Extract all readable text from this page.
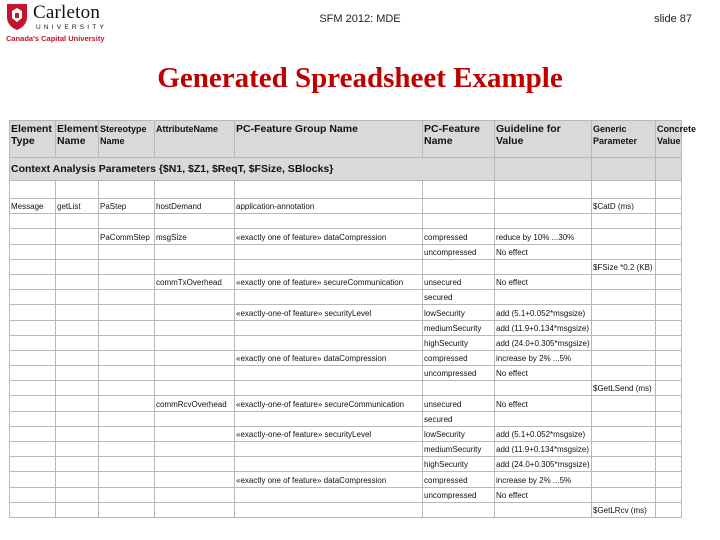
Carleton
UNIVERSITY
Canada's Capital University
SFM 2012: MDE	slide 87
Generated Spreadsheet Example
Element Type	Element Name	Stereotype Name	AttributeName	PC-Feature Group Name	PC-Feature Name	Guideline for Value	Generic Parameter	Concrete Value
Context Analysis Parameters {$N1, $Z1, $ReqT, $FSize, SBlocks}								

Message	getList	PaStep	hostDemand	application-annotation			$CatD (ms)	

		PaCommStep	msgSize	«exactly one of feature» dataCompression	compressed	reduce by 10% ...30%		
					uncompressed	No effect		
							$FSize *0.2 (KB)	
			commTxOverhead	«exactly one of feature» secureCommunication	unsecured	No effect		
					secured			
				«exactly-one-of feature» securityLevel	lowSecurity	add (5.1+0.052*msgsize)		
					mediumSecurity	add (11.9+0.134*msgsize)		
					highSecurity	add (24.0+0.305*msgsize)		
				«exactly one of feature» dataCompression	compressed	increase by 2% ...5%		
					uncompressed	No effect		
							$GetLSend (ms)	
			commRcvOverhead	«exactly-one-of feature» secureCommunication	unsecured	No effect		
					secured			
				«exactly-one-of feature» securityLevel	lowSecurity	add (5.1+0.052*msgsize)		
					mediumSecurity	add (11.9+0.134*msgsize)		
					highSecurity	add (24.0+0.305*msgsize)		
				«exactly one of feature» dataCompression	compressed	increase by 2% ...5%		
					uncompressed	No effect		
							$GetLRcv (ms)	
